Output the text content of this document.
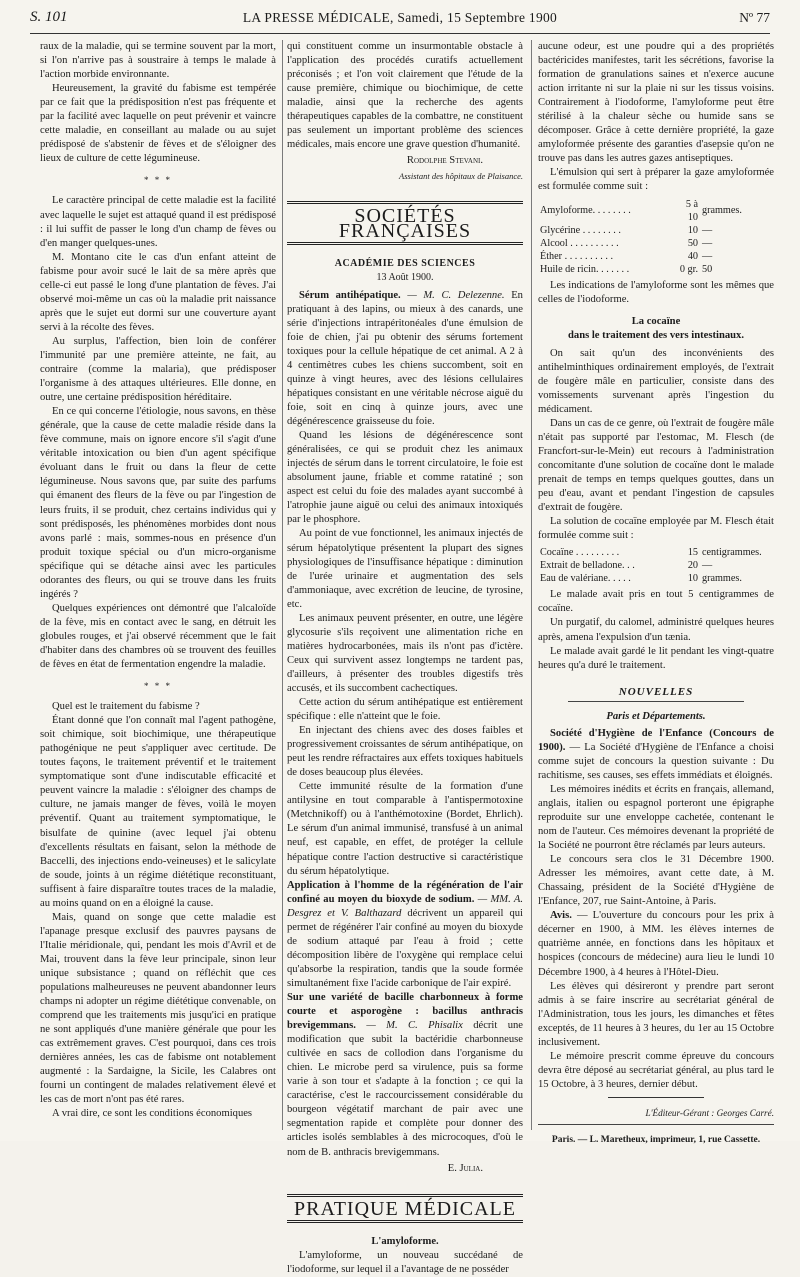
S. 101	LA PRESSE MÉDICALE, Samedi, 15 Septembre 1900	Nº 77

raux de la maladie, qui se termine souvent par la mort, si l'on n'arrive pas à soustraire à temps le malade à l'action morbide environnante.

Heureusement, la gravité du fabisme est tempérée par ce fait que la prédisposition n'est pas fréquente et par la facilité avec laquelle on peut prévenir et vaincre cette maladie, en conseillant au malade ou au sujet prédisposé de s'abstenir de fèves et de s'éloigner des lieux de culture de cette légumineuse.

* * *

Le caractère principal de cette maladie est la facilité avec laquelle le sujet est attaqué quand il est prédisposé : il lui suffit de passer le long d'un champ de fèves ou d'en manger quelques-unes.

M. Montano cite le cas d'un enfant atteint de fabisme pour avoir sucé le lait de sa mère après que celle-ci eut passé le long d'une plantation de fèves. J'ai observé moi-même un cas où la maladie prit naissance après que le sujet eut dormi sur une couverture ayant servi à la récolte des fèves.

Au surplus, l'affection, bien loin de conférer l'immunité par une première atteinte, ne fait, au contraire (comme la malaria), que prédisposer l'organisme à des attaques ultérieures. Elle donne, en outre, une certaine prédisposition héréditaire.

En ce qui concerne l'étiologie, nous savons, en thèse générale, que la cause de cette maladie réside dans la fève commune, mais on ignore encore s'il s'agit d'une véritable intoxication ou bien d'un agent spécifique évoluant dans le fruit ou dans la fleur de cette légumineuse. Nous savons que, par suite des parfums qui émanent des fleurs de la fève ou par l'ingestion de leurs fruits, il se produit, chez certains individus qui y sont prédisposés, les phénomènes morbides dont nous avons parlé : mais, sommes-nous en présence d'un produit toxique spécial ou d'un micro-organisme spécifique qui se détache ainsi avec les particules odorantes des fleurs, ou qui se trouve dans les fruits ingérés ?

Quelques expériences ont démontré que l'alcaloïde de la fève, mis en contact avec le sang, en détruit les globules rouges, et j'ai observé récemment que le fait d'habiter dans des chambres où se trouvent des feuilles de fèves en état de fermentation engendre la maladie.

* * *

Quel est le traitement du fabisme ?

Étant donné que l'on connaît mal l'agent pathogène, soit chimique, soit biochimique, une thérapeutique pathogénique ne peut s'appliquer avec certitude. De toutes façons, le traitement préventif et le traitement symptomatique sont d'une indiscutable efficacité et peuvent vaincre la maladie : s'éloigner des champs de culture, ne jamais manger de fèves, voilà le moyen préventif. Quant au traitement symptomatique, le bisulfate de quinine (avec lequel j'ai obtenu d'excellents résultats en faisant, selon la méthode de Baccelli, des injections endo-veineuses) et le salicylate de soude, joints à un régime diététique reconstituant, suffisent à faire disparaître toutes traces de la maladie, au moins quand on en a éloigné la cause.

Mais, quand on songe que cette maladie est l'apanage presque exclusif des pauvres paysans de l'Italie méridionale, qui, pendant les mois d'Avril et de Mai, trouvent dans la fève leur principale, sinon leur unique subsistance ; quand on réfléchit que ces populations malheureuses ne peuvent abandonner leurs champs ni adopter un régime diététique convenable, on comprend que les traitements mis jusqu'ici en pratique ne sont appliqués d'une manière générale que pour les cas extrêmement graves. C'est pourquoi, dans ces trois dernières années, les cas de fabisme ont notablement augmenté : la Sardaigne, la Sicile, les Calabres ont fourni un contingent de malades relativement élevé et les cas de mort n'ont pas été rares.

A vrai dire, ce sont les conditions économiques

qui constituent comme un insurmontable obstacle à l'application des procédés curatifs actuellement préconisés ; et l'on voit clairement que l'étude de la cause première, chimique ou biochimique, de cette maladie, ainsi que la recherche des agents thérapeutiques capables de la combattre, ne constituent pas seulement un important problème des sciences médicales, mais encore une grave question d'humanité.

Rodolphe Stevani.
Assistant des hôpitaux de Plaisance.
SOCIÉTÉS FRANÇAISES
ACADÉMIE DES SCIENCES
13 Août 1900.

Sérum antihépatique. — M. C. Delezenne. En pratiquant à des lapins, ou mieux à des canards, une série d'injections intrapéritonéales d'une émulsion de foie de chien, j'ai pu obtenir des sérums fortement toxiques pour la cellule hépatique de cet animal. A 2 à 4 centimètres cubes les chiens succombent, soit en quinze à vingt heures, avec des lésions cellulaires hépatiques consistant en une véritable nécrose aiguë du foie, soit en cinq à quinze jours, avec une dégénérescence graisseuse du foie.

Quand les lésions de dégénérescence sont généralisées, ce qui se produit chez les animaux injectés de sérum dans le torrent circulatoire, le foie est absolument jaune, friable et comme ratatiné ; son aspect est celui du foie des malades ayant succombé à l'atrophie jaune aiguë ou celui des animaux intoxiqués par le phosphore.

Au point de vue fonctionnel, les animaux injectés de sérum hépatolytique présentent la plupart des signes physiologiques de l'insuffisance hépatique : diminution de l'urée urinaire et augmentation des sels d'ammoniaque, avec excrétion de leucine, de tyrosine, etc.

Les animaux peuvent présenter, en outre, une légère glycosurie s'ils reçoivent une alimentation riche en matières hydrocarbonées, mais ils n'ont pas d'ictère. Ceux qui survivent assez longtemps ne tardent pas, d'ailleurs, à présenter des troubles digestifs très accusés, et ils succombent cachectiques.

Cette action du sérum antihépatique est entièrement spécifique : elle n'atteint que le foie.

En injectant des chiens avec des doses faibles et progressivement croissantes de sérum antihépatique, on peut les rendre réfractaires aux effets toxiques habituels de doses beaucoup plus élevées.

Cette immunité résulte de la formation d'une antilysine en tout comparable à l'antispermotoxine (Metchnikoff) ou à l'anthémotoxine (Bordet, Ehrlich). Le sérum d'un animal immunisé, transfusé à un animal neuf, est capable, en effet, de protéger la cellule hépatique contre l'action destructive si caractéristique du sérum hépatolytique.

Application à l'homme de la régénération de l'air confiné au moyen du bioxyde de sodium. — MM. A. Desgrez et V. Balthazard décrivent un appareil qui permet de régénérer l'air confiné au moyen du bioxyde de sodium attaqué par l'eau à froid ; cette décomposition libère de l'oxygène qui remplace celui qu'absorbe la respiration, tandis que la soude formée simultanément fixe l'acide carbonique de l'air expiré.

Sur une variété de bacille charbonneux à forme courte et asporogène : bacillus anthracis brevigemmans. — M. C. Phisalix décrit une modification que subit la bactéridie charbonneuse cultivée en sacs de collodion dans l'organisme du chien. Le microbe perd sa virulence, puis sa forme varie à son tour et s'adapte à la fonction ; ce qui la caractérise, c'est le raccourcissement considérable du bourgeon végétatif marchant de pair avec une segmentation rapide et complète pour donner des articles isolés semblables à des microcoques, d'où le nom de B. anthracis brevigemmans.

E. Julia.
PRATIQUE MÉDICALE
L'amyloforme.

L'amyloforme, un nouveau succédané de l'iodoforme, sur lequel il a l'avantage de ne posséder

aucune odeur, est une poudre qui a des propriétés bactéricides manifestes, tarit les sécrétions, favorise la formation de granulations saines et n'exerce aucune action irritante ni sur la plaie ni sur les tissus voisins. Contrairement à l'iodoforme, l'amyloforme peut être stérilisé à la chaleur sèche ou humide sans se décomposer. Grâce à cette dernière propriété, la gaze amyloformée présente des garanties d'asepsie qu'on ne trouve pas dans les autres gazes antiseptiques.

L'émulsion qui sert à préparer la gaze amyloformée est formulée comme suit :

Amyloforme. . . . . . . .	5 à 10	grammes.
Glycérine . . . . . . . .	10	—
Alcool . . . . . . . . . .	50	—
Éther . . . . . . . . . .	40	—
Huile de ricin. . . . . . .	0 gr.	50

Les indications de l'amyloforme sont les mêmes que celles de l'iodoforme.

La cocaïne
dans le traitement des vers intestinaux.

On sait qu'un des inconvénients des antihelminthiques ordinairement employés, de l'extrait de fougère mâle en particulier, consiste dans des vomissements survenant après l'ingestion du médicament.

Dans un cas de ce genre, où l'extrait de fougère mâle n'était pas supporté par l'estomac, M. Flesch (de Francfort-sur-le-Mein) eut recours à l'administration concomitante d'une solution de cocaïne dont le malade prenait de temps en temps quelques gouttes, dans un peu d'eau, avant et pendant l'ingestion de capsules d'extrait de fougère.

La solution de cocaïne employée par M. Flesch était formulée comme suit :

Cocaïne . . . . . . . . .	15	centigrammes.
Extrait de belladone. . .	20	—
Eau de valériane. . . . .	10	grammes.

Le malade avait pris en tout 5 centigrammes de cocaïne.

Un purgatif, du calomel, administré quelques heures après, amena l'expulsion d'un tænia.

Le malade avait gardé le lit pendant les vingt-quatre heures qu'a duré le traitement.

NOUVELLES
Paris et Départements.

Société d'Hygiène de l'Enfance (Concours de 1900). — La Société d'Hygiène de l'Enfance a choisi comme sujet de concours la question suivante : Du rachitisme, ses causes, ses effets immédiats et éloignés.

Les mémoires inédits et écrits en français, allemand, anglais, italien ou espagnol porteront une épigraphe reproduite sur une enveloppe cachetée, contenant le nom de l'auteur. Ces mémoires devenant la propriété de la Société ne pourront être réclamés par leurs auteurs.

Le concours sera clos le 31 Décembre 1900. Adresser les mémoires, avant cette date, à M. Chassaing, président de la Société d'Hygiène de l'Enfance, 207, rue Saint-Antoine, à Paris.

Avis. — L'ouverture du concours pour les prix à décerner en 1900, à MM. les élèves internes de quatrième année, en fonctions dans les hôpitaux et hospices (concours de médecine) aura lieu le lundi 10 Décembre 1900, à 4 heures à l'Hôtel-Dieu.

Les élèves qui désireront y prendre part seront admis à se faire inscrire au secrétariat général de l'Administration, tous les jours, les dimanches et fêtes exceptés, de 11 heures à 3 heures, du 1er au 15 Octobre inclusivement.

Le mémoire prescrit comme épreuve du concours devra être déposé au secrétariat général, au plus tard le 15 Octobre, à 3 heures, dernier début.

L'Éditeur-Gérant : Georges Carré.
Paris. — L. Maretheux, imprimeur, 1, rue Cassette.
